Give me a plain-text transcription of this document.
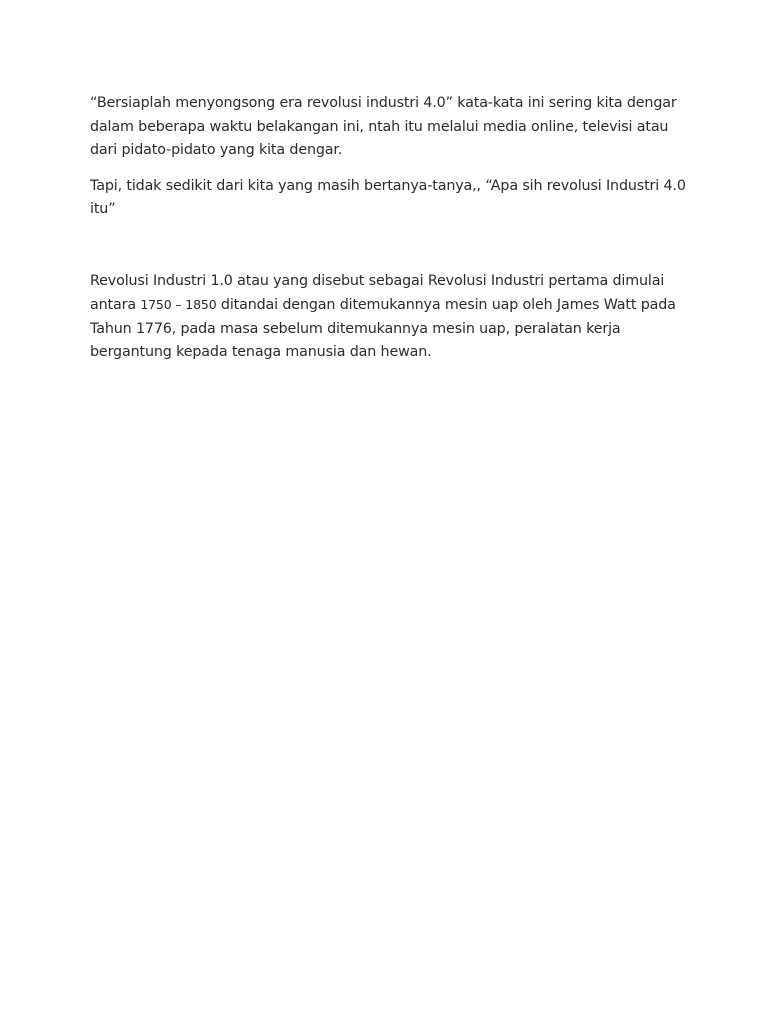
“Bersiaplah menyongsong era revolusi industri 4.0” kata-kata ini sering kita dengar dalam beberapa waktu belakangan ini, ntah itu melalui media online, televisi atau dari pidato-pidato yang kita dengar.

Tapi, tidak sedikit dari kita yang masih bertanya-tanya,, “Apa sih revolusi Industri 4.0 itu”

Revolusi Industri 1.0 atau yang disebut sebagai Revolusi Industri pertama dimulai antara 1750 – 1850 ditandai dengan ditemukannya mesin uap oleh James Watt pada Tahun 1776, pada masa sebelum ditemukannya mesin uap, peralatan kerja bergantung kepada tenaga manusia dan hewan.
